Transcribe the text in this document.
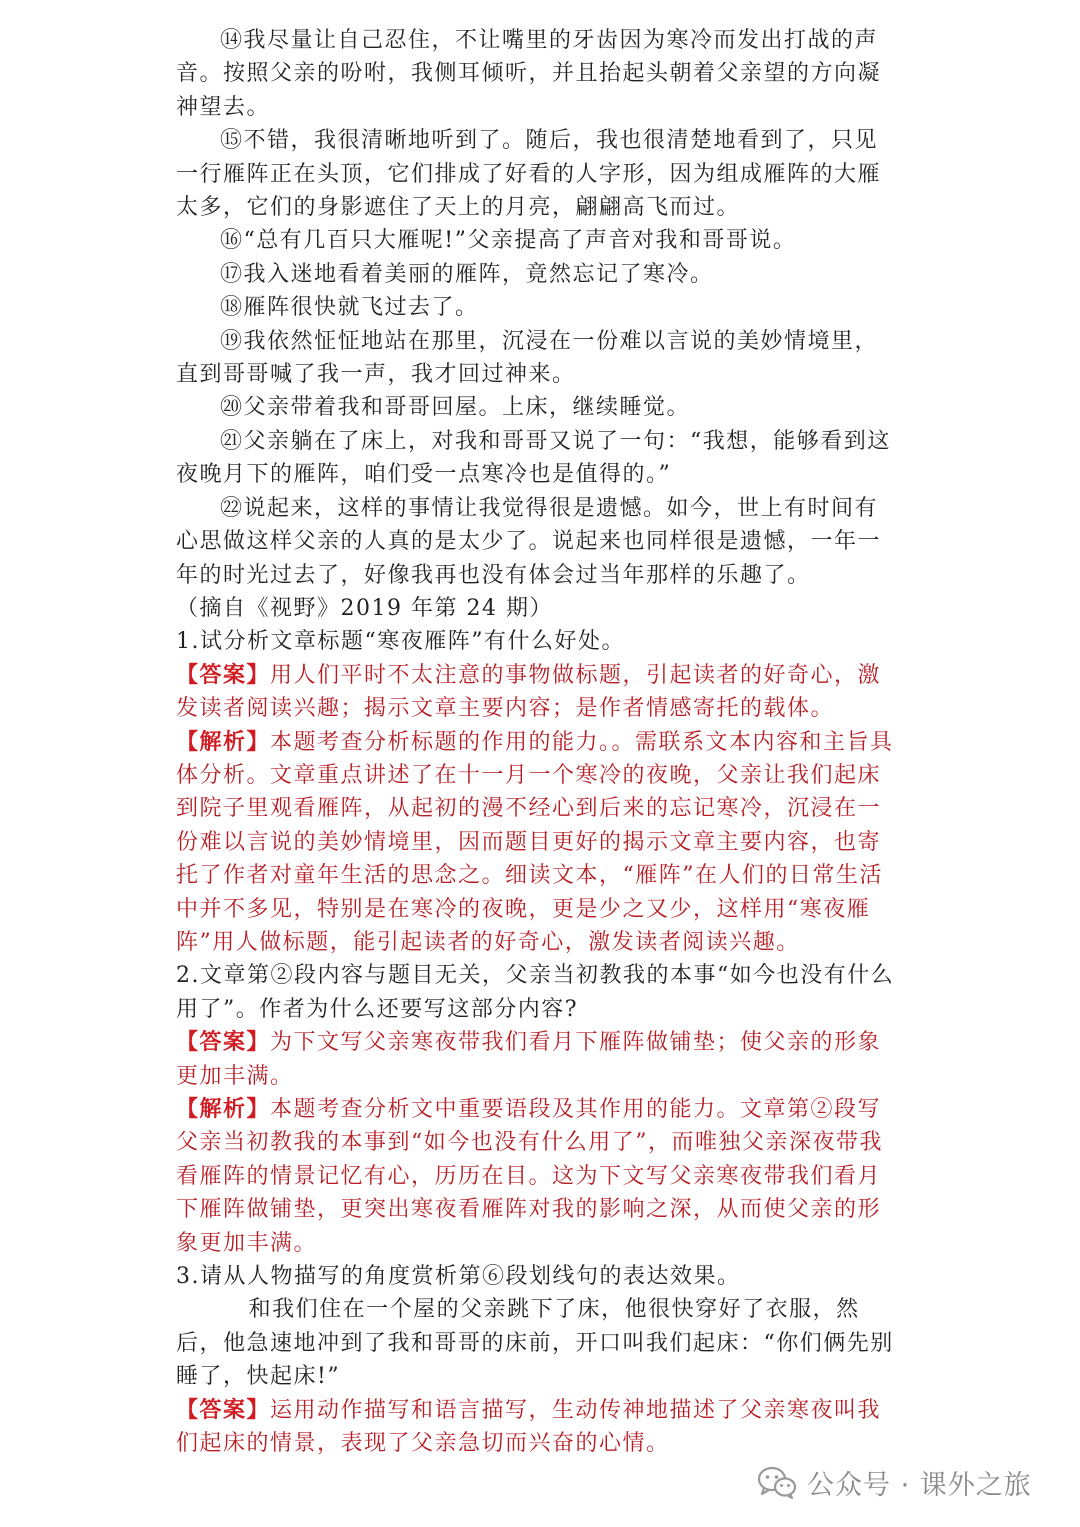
⑭我尽量让自己忍住，不让嘴里的牙齿因为寒冷而发出打战的声音。按照父亲的吩咐，我侧耳倾听，并且抬起头朝着父亲望的方向凝神望去。

⑮不错，我很清晰地听到了。随后，我也很清楚地看到了，只见一行雁阵正在头顶，它们排成了好看的人字形，因为组成雁阵的大雁太多，它们的身影遮住了天上的月亮，翩翩高飞而过。

⑯“总有几百只大雁呢!”父亲提高了声音对我和哥哥说。

⑰我入迷地看着美丽的雁阵，竟然忘记了寒冷。

⑱雁阵很快就飞过去了。

⑲我依然怔怔地站在那里，沉浸在一份难以言说的美妙情境里，直到哥哥喊了我一声，我才回过神来。

⑳父亲带着我和哥哥回屋。上床，继续睡觉。

㉑父亲躺在了床上，对我和哥哥又说了一句：“我想，能够看到这夜晚月下的雁阵，咱们受一点寒冷也是值得的。”

㉒说起来，这样的事情让我觉得很是遗憾。如今，世上有时间有心思做这样父亲的人真的是太少了。说起来也同样很是遗憾，一年一年的时光过去了，好像我再也没有体会过当年那样的乐趣了。

（摘自《视野》2019 年第 24 期）

1.试分析文章标题“寒夜雁阵”有什么好处。

【答案】用人们平时不太注意的事物做标题，引起读者的好奇心，激发读者阅读兴趣；揭示文章主要内容；是作者情感寄托的载体。

【解析】本题考查分析标题的作用的能力。。需联系文本内容和主旨具体分析。文章重点讲述了在十一月一个寒冷的夜晚，父亲让我们起床到院子里观看雁阵，从起初的漫不经心到后来的忘记寒冷，沉浸在一份难以言说的美妙情境里，因而题目更好的揭示文章主要内容，也寄托了作者对童年生活的思念之。细读文本，“雁阵”在人们的日常生活中并不多见，特别是在寒冷的夜晚，更是少之又少，这样用“寒夜雁阵”用人做标题，能引起读者的好奇心，激发读者阅读兴趣。

2.文章第②段内容与题目无关，父亲当初教我的本事“如今也没有什么用了”。作者为什么还要写这部分内容?

【答案】为下文写父亲寒夜带我们看月下雁阵做铺垫；使父亲的形象更加丰满。

【解析】本题考查分析文中重要语段及其作用的能力。文章第②段写父亲当初教我的本事到“如今也没有什么用了”，而唯独父亲深夜带我看雁阵的情景记忆有心，历历在目。这为下文写父亲寒夜带我们看月下雁阵做铺垫，更突出寒夜看雁阵对我的影响之深，从而使父亲的形象更加丰满。

3.请从人物描写的角度赏析第⑥段划线句的表达效果。

和我们住在一个屋的父亲跳下了床，他很快穿好了衣服，然后，他急速地冲到了我和哥哥的床前，开口叫我们起床：“你们俩先别睡了，快起床!”

【答案】运用动作描写和语言描写，生动传神地描述了父亲寒夜叫我们起床的情景，表现了父亲急切而兴奋的心情。

公众号 · 课外之旅
